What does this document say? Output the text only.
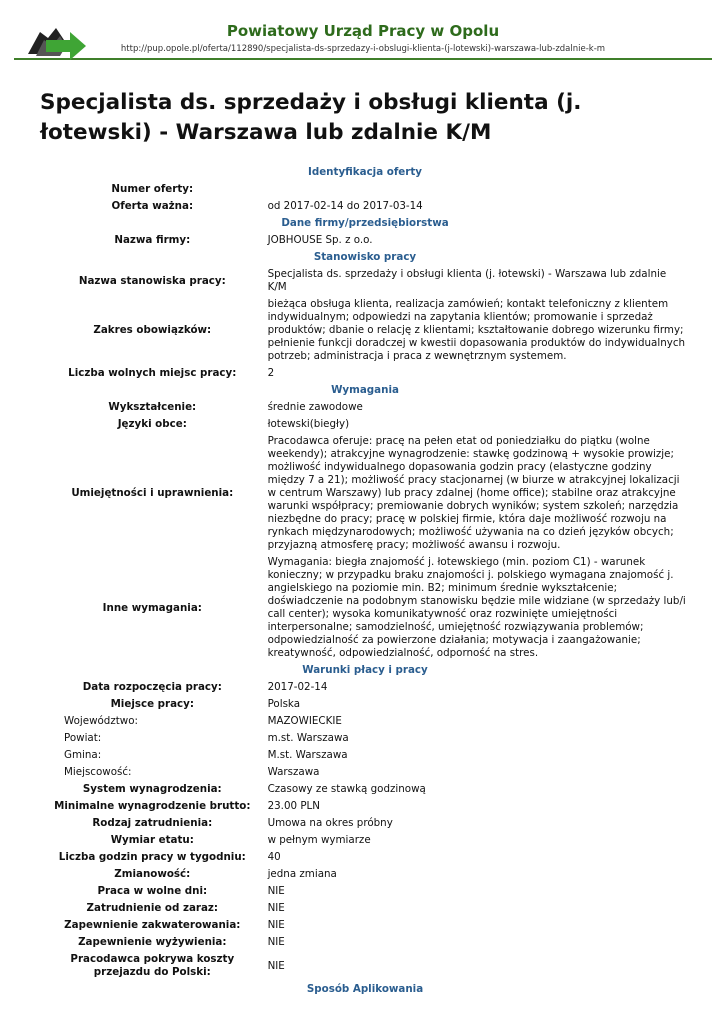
Powiatowy Urząd Pracy w Opolu
http://pup.opole.pl/oferta/112890/specjalista-ds-sprzedazy-i-obslugi-klienta-(j-lotewski)-warszawa-lub-zdalnie-k-m
Specjalista ds. sprzedaży i obsługi klienta (j. łotewski) - Warszawa lub zdalnie K/M
Identyfikacja oferty	
Numer oferty:	
Oferta ważna:	od 2017-02-14 do 2017-03-14
Dane firmy/przedsiębiorstwa	
Nazwa firmy:	JOBHOUSE Sp. z o.o.
Stanowisko pracy	
Nazwa stanowiska pracy:	Specjalista ds. sprzedaży i obsługi klienta (j. łotewski) - Warszawa lub zdalnie K/M
Zakres obowiązków:	bieżąca obsługa klienta, realizacja zamówień; kontakt telefoniczny z klientem indywidualnym; odpowiedzi na zapytania klientów; promowanie i sprzedaż produktów; dbanie o relację z klientami; kształtowanie dobrego wizerunku firmy; pełnienie funkcji doradczej w kwestii dopasowania produktów do indywidualnych potrzeb; administracja i praca z wewnętrznym systemem.
Liczba wolnych miejsc pracy:	2
Wymagania	
Wykształcenie:	średnie zawodowe
Języki obce:	łotewski(biegły)
Umiejętności i uprawnienia:	Pracodawca oferuje: pracę na pełen etat od poniedziałku do piątku (wolne weekendy); atrakcyjne wynagrodzenie: stawkę godzinową + wysokie prowizje; możliwość indywidualnego dopasowania godzin pracy (elastyczne godziny między 7 a 21); możliwość pracy stacjonarnej (w biurze w atrakcyjnej lokalizacji w centrum Warszawy) lub pracy zdalnej (home office); stabilne oraz atrakcyjne warunki współpracy; premiowanie dobrych wyników; system szkoleń; narzędzia niezbędne do pracy; pracę w polskiej firmie, która daje możliwość rozwoju na rynkach międzynarodowych; możliwość używania na co dzień języków obcych; przyjazną atmosferę pracy; możliwość awansu i rozwoju.
Inne wymagania:	Wymagania: biegła znajomość j. łotewskiego (min. poziom C1) - warunek konieczny; w przypadku braku znajomości j. polskiego wymagana znajomość j. angielskiego na poziomie min. B2; minimum średnie wykształcenie; doświadczenie na podobnym stanowisku będzie mile widziane (w sprzedaży lub/i call center); wysoka komunikatywność oraz rozwinięte umiejętności interpersonalne; samodzielność, umiejętność rozwiązywania problemów; odpowiedzialność za powierzone działania; motywacja i zaangażowanie; kreatywność, odpowiedzialność, odporność na stres.
Warunki płacy i pracy	
Data rozpoczęcia pracy:	2017-02-14
Miejsce pracy:	Polska
Województwo:	MAZOWIECKIE
Powiat:	m.st. Warszawa
Gmina:	M.st. Warszawa
Miejscowość:	Warszawa
System wynagrodzenia:	Czasowy ze stawką godzinową
Minimalne wynagrodzenie brutto:	23.00 PLN
Rodzaj zatrudnienia:	Umowa na okres próbny
Wymiar etatu:	w pełnym wymiarze
Liczba godzin pracy w tygodniu:	40
Zmianowość:	jedna zmiana
Praca w wolne dni:	NIE
Zatrudnienie od zaraz:	NIE
Zapewnienie zakwaterowania:	NIE
Zapewnienie wyżywienia:	NIE
Pracodawca pokrywa koszty przejazdu do Polski:	NIE
Sposób Aplikowania	
